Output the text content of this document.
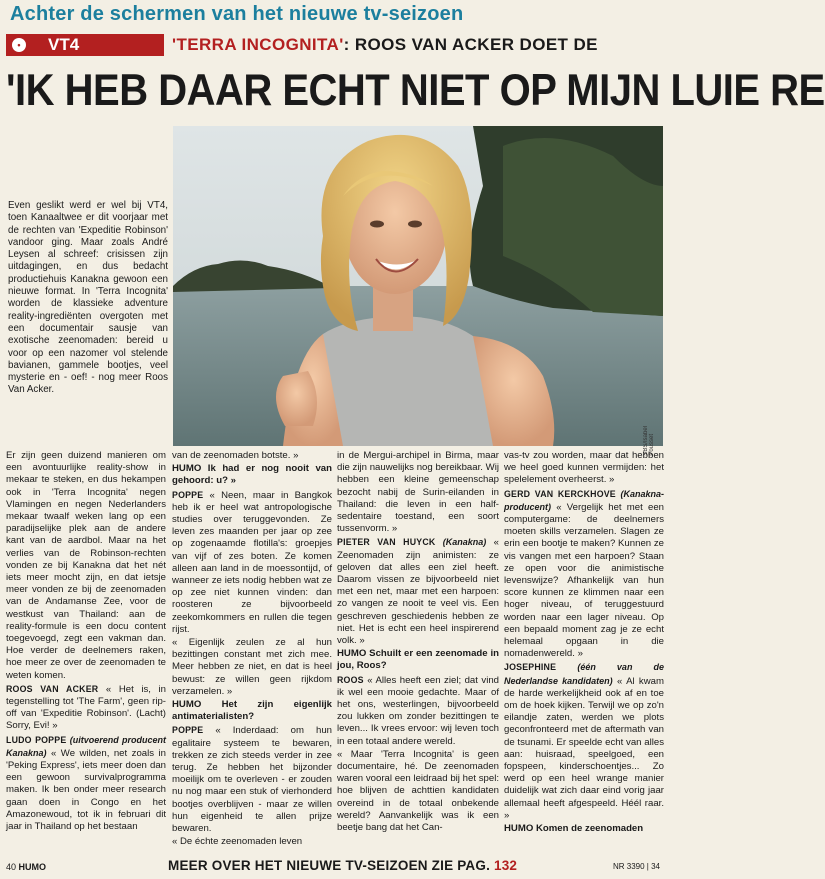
Achter de schermen van het nieuwe tv-seizoen
•	VT4	'TERRA INCOGNITA': ROOS VAN ACKER DOET DE
'IK HEB DAAR ECHT NIET OP MIJN LUIE RE
SBS/Isabel Pousset
Even geslikt werd er wel bij VT4, toen Kanaaltwee er dit voorjaar met de rechten van 'Expeditie Robinson' vandoor ging. Maar zoals André Leysen al schreef: crisissen zijn uitdagingen, en dus bedacht productiehuis Kanakna gewoon een nieuwe format. In 'Terra Incognita' worden de klassieke adventure reality-ingrediënten overgoten met een documentair sausje van exotische zeenomaden: bereid u voor op een nazomer vol stelende bavianen, gammele bootjes, veel mysterie en - oef! - nog meer Roos Van Acker.

Er zijn geen duizend manieren om een avontuurlijke reality-show in mekaar te steken, en dus hekampen ook in 'Terra Incognita' negen Vlamingen en negen Nederlanders mekaar twaalf weken lang op een paradijselijke plek aan de andere kant van de aardbol. Maar na het verlies van de Robinson-rechten vonden ze bij Kanakna dat het nét iets meer mocht zijn, en dat ietsje meer vonden ze bij de zeenomaden van de Andamanse Zee, voor de westkust van Thailand: aan de reality-formule is een docu content toegevoegd, zegt een vakman dan. Hoe verder de deelnemers raken, hoe meer ze over de zeenomaden te weten komen.

ROOS VAN ACKER « Het is, in tegenstelling tot 'The Farm', geen rip-off van 'Expeditie Robinson'. (Lacht) Sorry, Evi! »

LUDO POPPE (uitvoerend producent Kanakna) « We wilden, net zoals in 'Peking Express', iets meer doen dan een gewoon survivalprogramma maken. Ik ben onder meer research gaan doen in Congo en het Amazonewoud, tot ik in februari dit jaar in Thailand op het bestaan

van de zeenomaden botste. »

HUMO Ik had er nog nooit van gehoord: u? »

POPPE « Neen, maar in Bangkok heb ik er heel wat antropologische studies over teruggevonden. Ze leven zes maanden per jaar op zee op zogenaamde flotilla's: groepjes van vijf of zes boten. Ze komen alleen aan land in de moessontijd, of wanneer ze iets nodig hebben wat ze op zee niet kunnen vinden: dan roosteren ze bijvoorbeeld zeekomkommers en rullen die tegen rijst.

« Eigenlijk zeulen ze al hun bezittingen constant met zich mee. Meer hebben ze niet, en dat is heel bewust: ze willen geen rijkdom verzamelen. »

HUMO Het zijn eigenlijk antimaterialisten?

POPPE « Inderdaad: om hun egalitaire systeem te bewaren, trekken ze zich steeds verder in zee terug. Ze hebben het bijzonder moeilijk om te overleven - er zouden nu nog maar een stuk of vierhonderd bootjes overblijven - maar ze willen hun eigenheid te allen prijze bewaren.

« De échte zeenomaden leven

in de Mergui-archipel in Birma, maar die zijn nauwelijks nog bereikbaar. Wij hebben een kleine gemeenschap bezocht nabij de Surin-eilanden in Thailand: die leven in een half-sedentaire toestand, een soort tussenvorm. »

PIETER VAN HUYCK (Kanakna) « Zeenomaden zijn animisten: ze geloven dat alles een ziel heeft. Daarom vissen ze bijvoorbeeld niet met een net, maar met een harpoen: zo vangen ze nooit te veel vis. Een geschreven geschiedenis hebben ze niet. Het is echt een heel inspirerend volk. »

HUMO Schuilt er een zeenomade in jou, Roos?

ROOS « Alles heeft een ziel; dat vind ik wel een mooie gedachte. Maar of het ons, westerlingen, bijvoorbeeld zou lukken om zonder bezittingen te leven... Ik vrees ervoor: wij leven toch in een totaal andere wereld.

« Maar 'Terra Incognita' is geen documentaire, hé. De zeenomaden waren vooral een leidraad bij het spel: hoe blijven de achttien kandidaten overeind in de totaal onbekende wereld? Aanvankelijk was ik een beetje bang dat het Can-

vas-tv zou worden, maar dat hebben we heel goed kunnen vermijden: het spelelement overheerst. »

GERD VAN KERCKHOVE (Kanakna-producent) « Vergelijk het met een computergame: de deelnemers moeten skills verzamelen. Slagen ze erin een bootje te maken? Kunnen ze vis vangen met een harpoen? Staan ze open voor die animistische levenswijze? Afhankelijk van hun score kunnen ze klimmen naar een hoger niveau, of teruggestuurd worden naar een lager niveau. Op een bepaald moment zag je ze echt helemaal opgaan in die nomadenwereld. »

JOSEPHINE (één van de Nederlandse kandidaten) « Al kwam de harde werkelijkheid ook af en toe om de hoek kijken. Terwijl we op zo'n eilandje zaten, werden we plots geconfronteerd met de aftermath van de tsunami. Er speelde echt van alles aan: huisraad, speelgoed, een fopspeen, kinderschoentjes... Zo werd op een heel wrange manier duidelijk wat zich daar eind vorig jaar allemaal heeft afgespeeld. Héél raar. »

HUMO Komen de zeenomaden

40 HUMO	MEER OVER HET NIEUWE TV-SEIZOEN ZIE PAG. 132	NR 3390 | 34
